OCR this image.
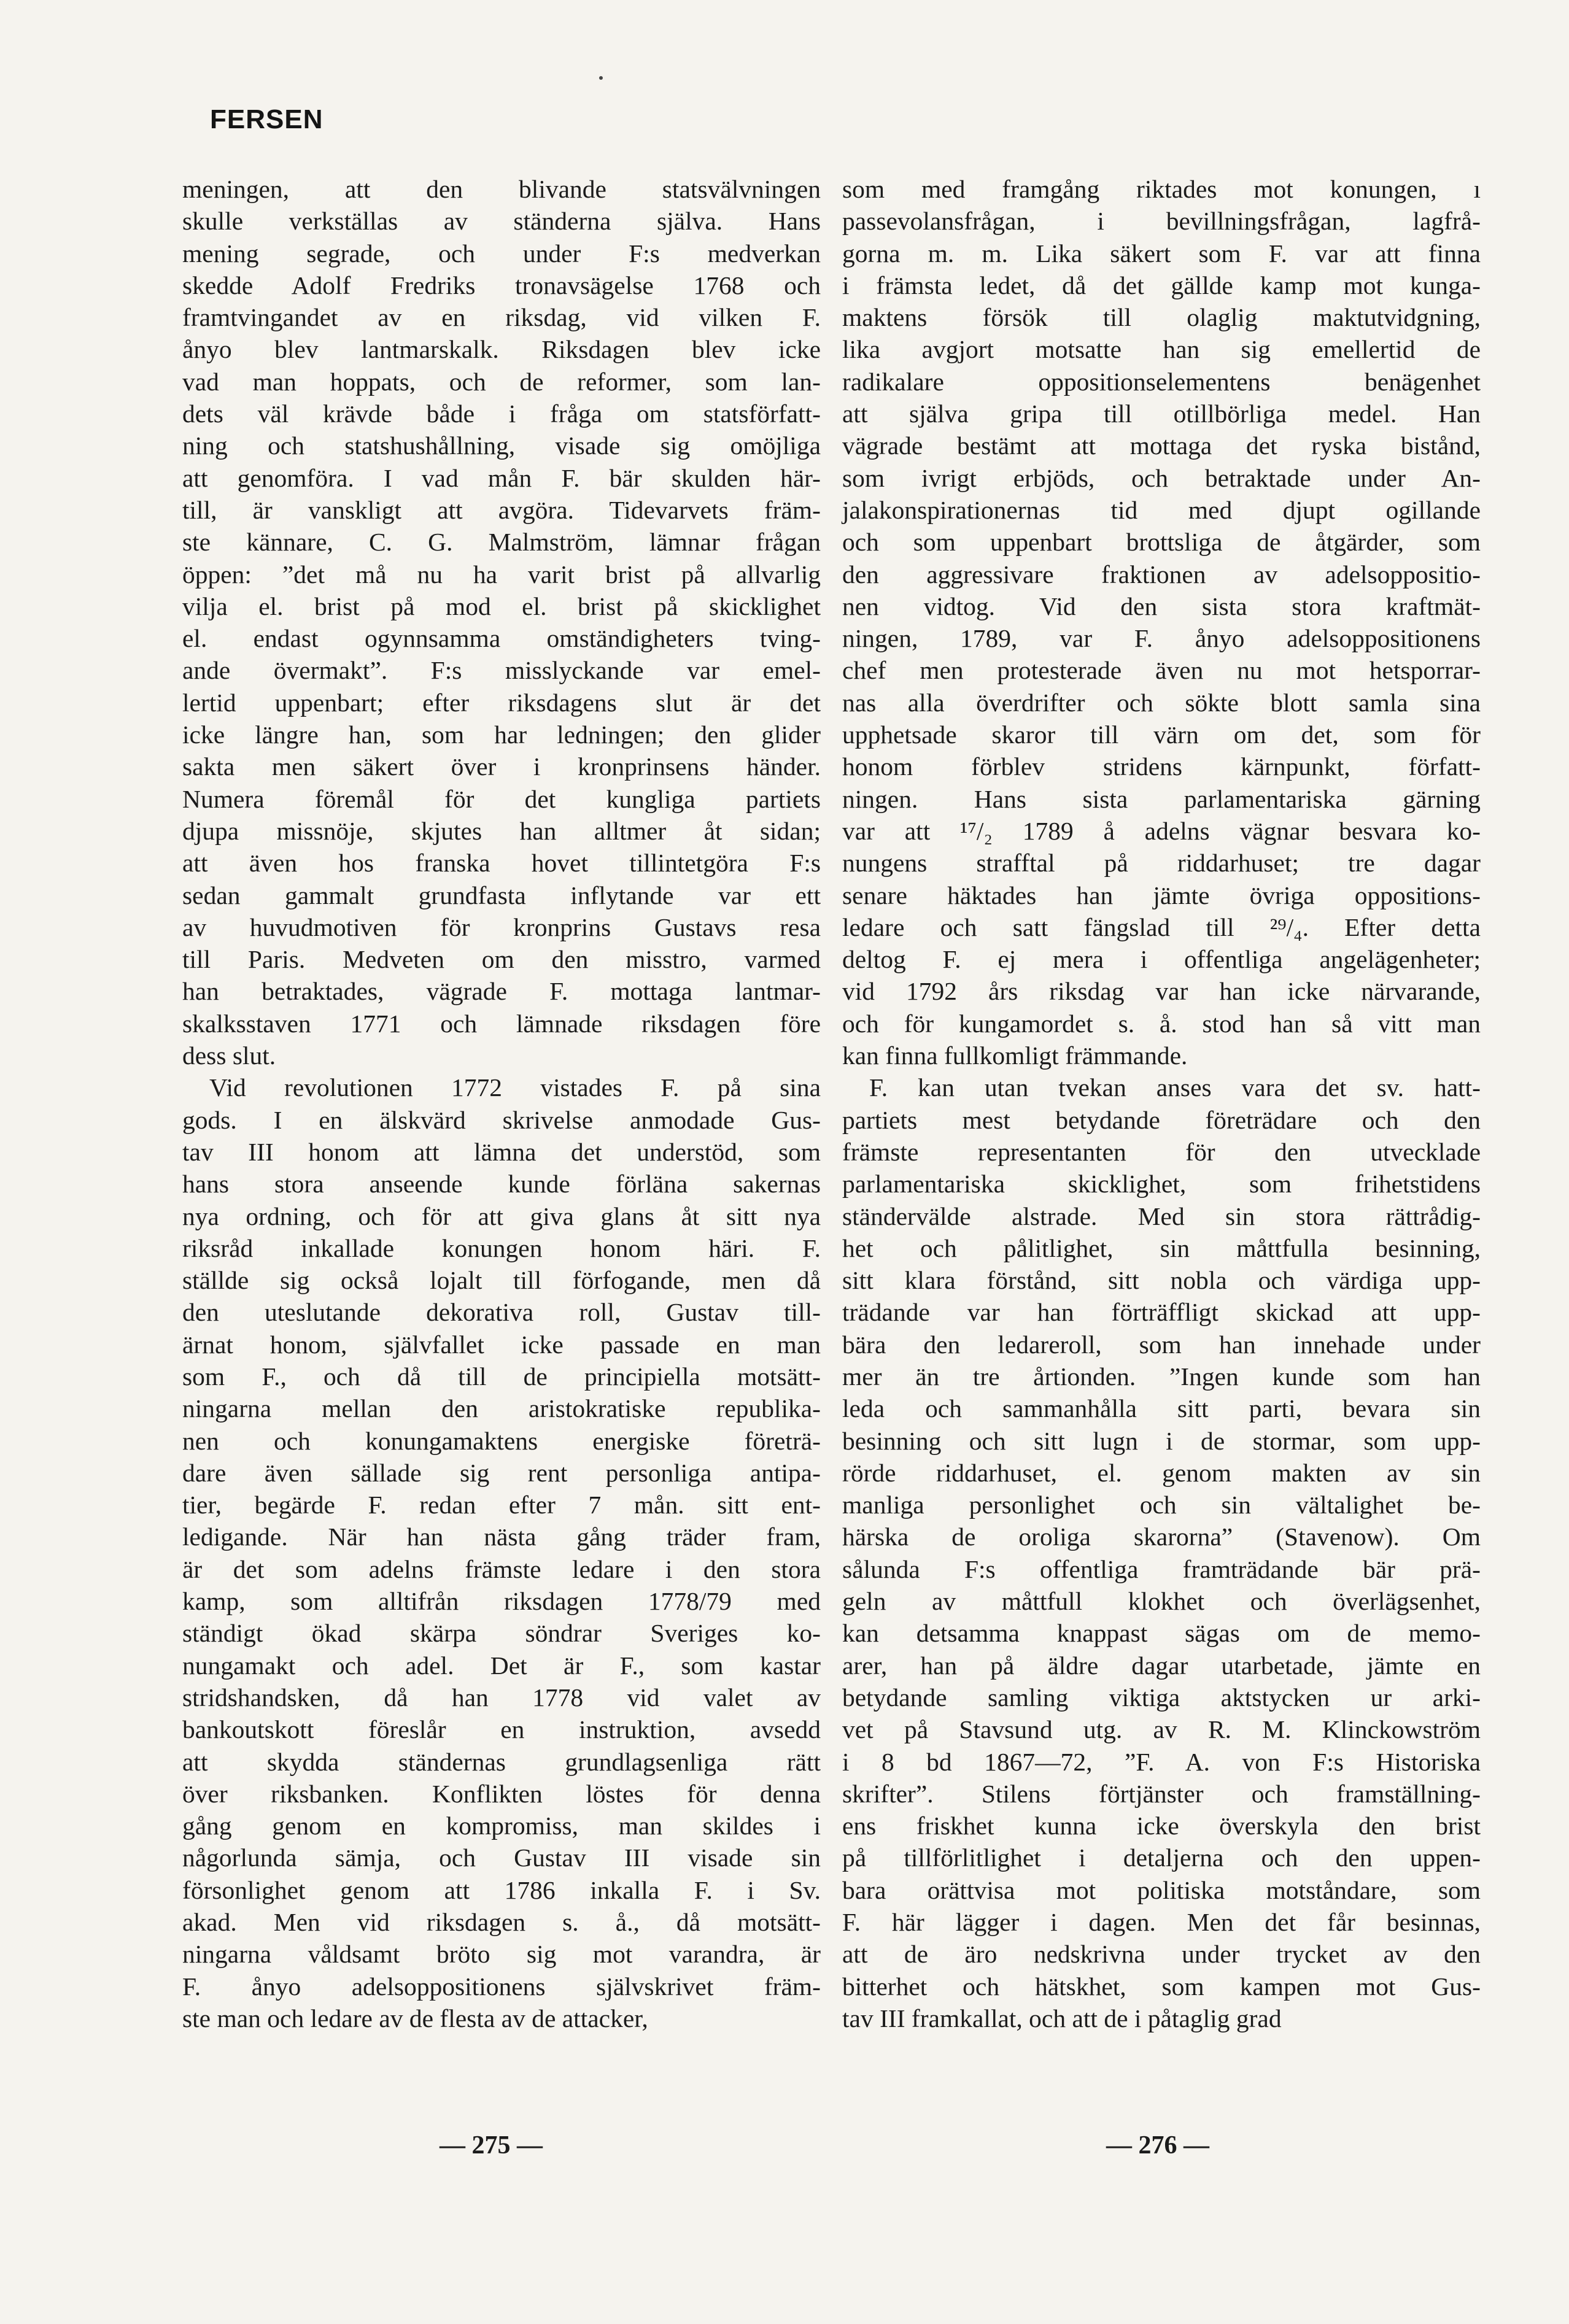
FERSEN
meningen, att den blivande statsvälvningen
skulle verkställas av ständerna själva. Hans
mening segrade, och under F:s medverkan
skedde Adolf Fredriks tronavsägelse 1768 och
framtvingandet av en riksdag, vid vilken F.
ånyo blev lantmarskalk. Riksdagen blev icke
vad man hoppats, och de reformer, som lan-
dets väl krävde både i fråga om statsförfatt-
ning och statshushållning, visade sig omöjliga
att genomföra. I vad mån F. bär skulden här-
till, är vanskligt att avgöra. Tidevarvets främ-
ste kännare, C. G. Malmström, lämnar frågan
öppen: ”det må nu ha varit brist på allvarlig
vilja el. brist på mod el. brist på skicklighet
el. endast ogynnsamma omständigheters tving-
ande övermakt”. F:s misslyckande var emel-
lertid uppenbart; efter riksdagens slut är det
icke längre han, som har ledningen; den glider
sakta men säkert över i kronprinsens händer.
Numera föremål för det kungliga partiets
djupa missnöje, skjutes han alltmer åt sidan;
att även hos franska hovet tillintetgöra F:s
sedan gammalt grundfasta inflytande var ett
av huvudmotiven för kronprins Gustavs resa
till Paris. Medveten om den misstro, varmed
han betraktades, vägrade F. mottaga lantmar-
skalksstaven 1771 och lämnade riksdagen före
dess slut.
Vid revolutionen 1772 vistades F. på sina
gods. I en älskvärd skrivelse anmodade Gus-
tav III honom att lämna det understöd, som
hans stora anseende kunde förläna sakernas
nya ordning, och för att giva glans åt sitt nya
riksråd inkallade konungen honom häri. F.
ställde sig också lojalt till förfogande, men då
den uteslutande dekorativa roll, Gustav till-
ärnat honom, självfallet icke passade en man
som F., och då till de principiella motsätt-
ningarna mellan den aristokratiske republika-
nen och konungamaktens energiske företrä-
dare även sällade sig rent personliga antipa-
tier, begärde F. redan efter 7 mån. sitt ent-
ledigande. När han nästa gång träder fram,
är det som adelns främste ledare i den stora
kamp, som alltifrån riksdagen 1778/79 med
ständigt ökad skärpa söndrar Sveriges ko-
nungamakt och adel. Det är F., som kastar
stridshandsken, då han 1778 vid valet av
bankoutskott föreslår en instruktion, avsedd
att skydda ständernas grundlagsenliga rätt
över riksbanken. Konflikten löstes för denna
gång genom en kompromiss, man skildes i
någorlunda sämja, och Gustav III visade sin
försonlighet genom att 1786 inkalla F. i Sv.
akad. Men vid riksdagen s. å., då motsätt-
ningarna våldsamt bröto sig mot varandra, är
F. ånyo adelsoppositionens självskrivet främ-
ste man och ledare av de flesta av de attacker,
som med framgång riktades mot konungen, ı
passevolansfrågan, i bevillningsfrågan, lagfrå-
gorna m. m. Lika säkert som F. var att finna
i främsta ledet, då det gällde kamp mot kunga-
maktens försök till olaglig maktutvidgning,
lika avgjort motsatte han sig emellertid de
radikalare oppositionselementens benägenhet
att själva gripa till otillbörliga medel. Han
vägrade bestämt att mottaga det ryska bistånd,
som ivrigt erbjöds, och betraktade under An-
jalakonspirationernas tid med djupt ogillande
och som uppenbart brottsliga de åtgärder, som
den aggressivare fraktionen av adelsoppositio-
nen vidtog. Vid den sista stora kraftmät-
ningen, 1789, var F. ånyo adelsoppositionens
chef men protesterade även nu mot hetsporrar-
nas alla överdrifter och sökte blott samla sina
upphetsade skaror till värn om det, som för
honom förblev stridens kärnpunkt, författ-
ningen. Hans sista parlamentariska gärning
var att ¹⁷/₂ 1789 å adelns vägnar besvara ko-
nungens strafftal på riddarhuset; tre dagar
senare häktades han jämte övriga oppositions-
ledare och satt fängslad till ²⁹/₄. Efter detta
deltog F. ej mera i offentliga angelägenheter;
vid 1792 års riksdag var han icke närvarande,
och för kungamordet s. å. stod han så vitt man
kan finna fullkomligt främmande.
F. kan utan tvekan anses vara det sv. hatt-
partiets mest betydande företrädare och den
främste representanten för den utvecklade
parlamentariska skicklighet, som frihetstidens
ständervälde alstrade. Med sin stora rättrådig-
het och pålitlighet, sin måttfulla besinning,
sitt klara förstånd, sitt nobla och värdiga upp-
trädande var han förträffligt skickad att upp-
bära den ledareroll, som han innehade under
mer än tre årtionden. ”Ingen kunde som han
leda och sammanhålla sitt parti, bevara sin
besinning och sitt lugn i de stormar, som upp-
rörde riddarhuset, el. genom makten av sin
manliga personlighet och sin vältalighet be-
härska de oroliga skarorna” (Stavenow). Om
sålunda F:s offentliga framträdande bär prä-
geln av måttfull klokhet och överlägsenhet,
kan detsamma knappast sägas om de memo-
arer, han på äldre dagar utarbetade, jämte en
betydande samling viktiga aktstycken ur arki-
vet på Stavsund utg. av R. M. Klinckowström
i 8 bd 1867—72, ”F. A. von F:s Historiska
skrifter”. Stilens förtjänster och framställning-
ens friskhet kunna icke överskyla den brist
på tillförlitlighet i detaljerna och den uppen-
bara orättvisa mot politiska motståndare, som
F. här lägger i dagen. Men det får besinnas,
att de äro nedskrivna under trycket av den
bitterhet och hätskhet, som kampen mot Gus-
tav III framkallat, och att de i påtaglig grad
— 275 —	— 276 —
